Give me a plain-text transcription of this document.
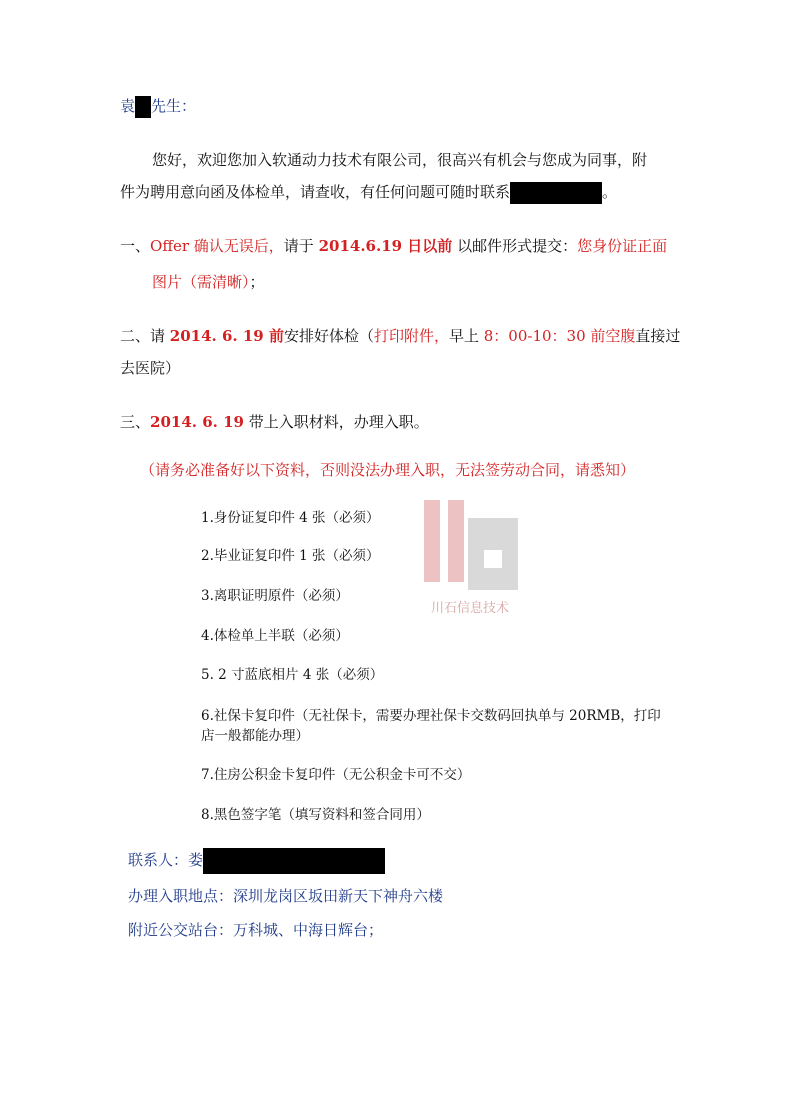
袁 先生：
您好，欢迎您加入软通动力技术有限公司，很高兴有机会与您成为同事，附
件为聘用意向函及体检单，请查收，有任何问题可随时联系	。
一、Offer 确认无误后，请于 2014.6.19 日以前 以邮件形式提交：您身份证正面
图片（需清晰）；
二、请 2014. 6. 19 前安排好体检（打印附件，早上 8：00-10：30 前空腹直接过
去医院）
三、2014. 6. 19 带上入职材料，办理入职。
（请务必准备好以下资料，否则没法办理入职，无法签劳动合同，请悉知）
川石信息技术
1.身份证复印件 4 张（必须）
2.毕业证复印件 1 张（必须）
3.离职证明原件（必须）
4.体检单上半联（必须）
5. 2 寸蓝底相片 4 张（必须）
6.社保卡复印件（无社保卡，需要办理社保卡交数码回执单与 20RMB，打印
店一般都能办理）
7.住房公积金卡复印件（无公积金卡可不交）
8.黑色签字笔（填写资料和签合同用）
联系人：娄
办理入职地点：深圳龙岗区坂田新天下神舟六楼
附近公交站台：万科城、中海日辉台；
